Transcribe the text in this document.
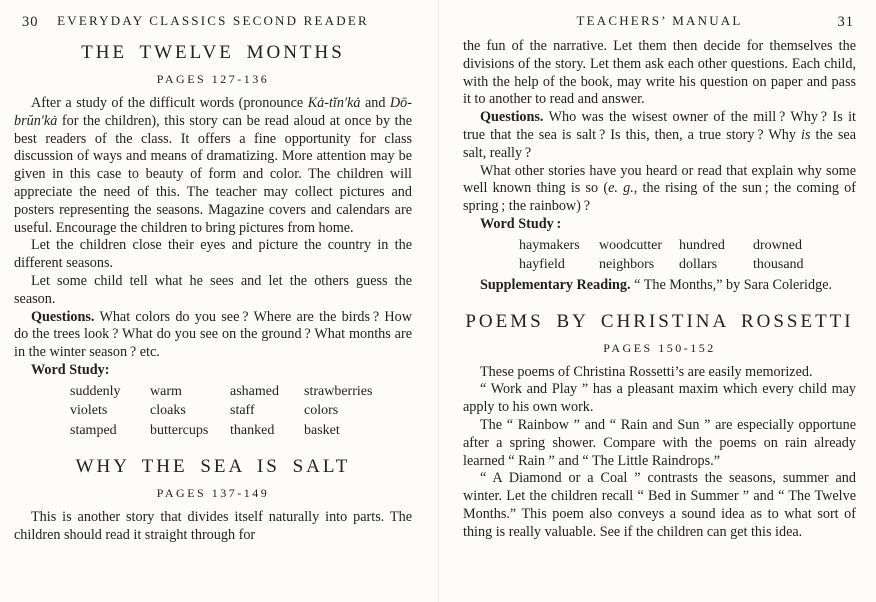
30 EVERYDAY CLASSICS SECOND READER
THE TWELVE MONTHS
PAGES 127-136

After a study of the difficult words (pronounce Kȧ-tĭn′kȧ and Dō-brŭn′kȧ for the children), this story can be read aloud at once by the best readers of the class. It offers a fine opportunity for class discussion of ways and means of dramatizing. More attention may be given in this case to beauty of form and color. The children will appreciate the need of this. The teacher may collect pictures and posters representing the seasons. Magazine covers and calendars are useful. Encourage the children to bring pictures from home.

Let the children close their eyes and picture the country in the different seasons.

Let some child tell what he sees and let the others guess the season.

Questions. What colors do you see ? Where are the birds ? How do the trees look ? What do you see on the ground ? What months are in the winter season ? etc.

Word Study:

suddenly	warm	ashamed	strawberries
violets	cloaks	staff	colors
stamped	buttercups	thanked	basket
WHY THE SEA IS SALT
PAGES 137-149

This is another story that divides itself naturally into parts. The children should read it straight through for

TEACHERS’ MANUAL	31

the fun of the narrative. Let them then decide for themselves the divisions of the story. Let them ask each other questions. Each child, with the help of the book, may write his question on paper and pass it to another to read and answer.

Questions. Who was the wisest owner of the mill ? Why ? Is it true that the sea is salt ? Is this, then, a true story ? Why is the sea salt, really ?

What other stories have you heard or read that explain why some well known thing is so (e. g., the rising of the sun ; the coming of spring ; the rainbow) ?

Word Study :

haymakers	woodcutter	hundred	drowned
hayfield	neighbors	dollars	thousand

Supplementary Reading. “ The Months,” by Sara Coleridge.

POEMS BY CHRISTINA ROSSETTI
PAGES 150-152

These poems of Christina Rossetti’s are easily memorized.

“ Work and Play ” has a pleasant maxim which every child may apply to his own work.

The “ Rainbow ” and “ Rain and Sun ” are especially opportune after a spring shower. Compare with the poems on rain already learned “ Rain ” and “ The Little Raindrops.”

“ A Diamond or a Coal ” contrasts the seasons, summer and winter. Let the children recall “ Bed in Summer ” and “ The Twelve Months.” This poem also conveys a sound idea as to what sort of thing is really valuable. See if the children can get this idea.
